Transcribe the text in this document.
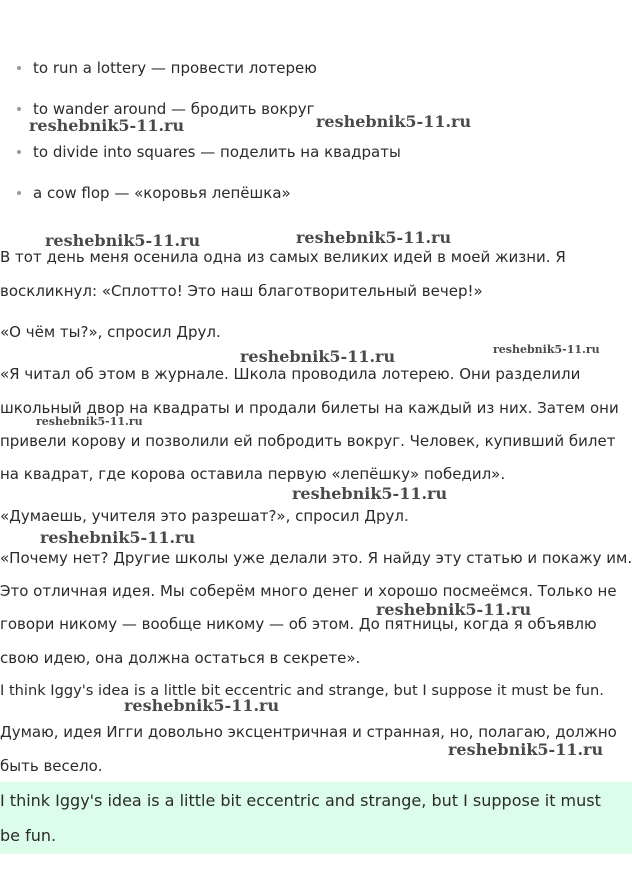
to run a lottery — провести лотерею
to wander around — бродить вокруг
to divide into squares — поделить на квадраты
a cow flop — «коровья лепёшка»
В тот день меня осенила одна из самых великих идей в моей жизни. Я
воскликнул: «Сплотто! Это наш благотворительный вечер!»
«О чём ты?», спросил Друл.
«Я читал об этом в журнале. Школа проводила лотерею. Они разделили
школьный двор на квадраты и продали билеты на каждый из них. Затем они
привели корову и позволили ей побродить вокруг. Человек, купивший билет
на квадрат, где корова оставила первую «лепёшку» победил».
«Думаешь, учителя это разрешат?», спросил Друл.
«Почему нет? Другие школы уже делали это. Я найду эту статью и покажу им.
Это отличная идея. Мы соберём много денег и хорошо посмеёмся. Только не
говори никому — вообще никому — об этом. До пятницы, когда я объявлю
свою идею, она должна остаться в секрете».
I think Iggy's idea is a little bit eccentric and strange, but I suppose it must be fun.
Думаю, идея Игги довольно эксцентричная и странная, но, полагаю, должно
быть весело.
I think Iggy's idea is a little bit eccentric and strange, but I suppose it must
be fun.
reshebnik5-11.ru	reshebnik5-11.ru
reshebnik5-11.ru	reshebnik5-11.ru
reshebnik5-11.ru	reshebnik5-11.ru
reshebnik5-11.ru
reshebnik5-11.ru
reshebnik5-11.ru
reshebnik5-11.ru
reshebnik5-11.ru
reshebnik5-11.ru
